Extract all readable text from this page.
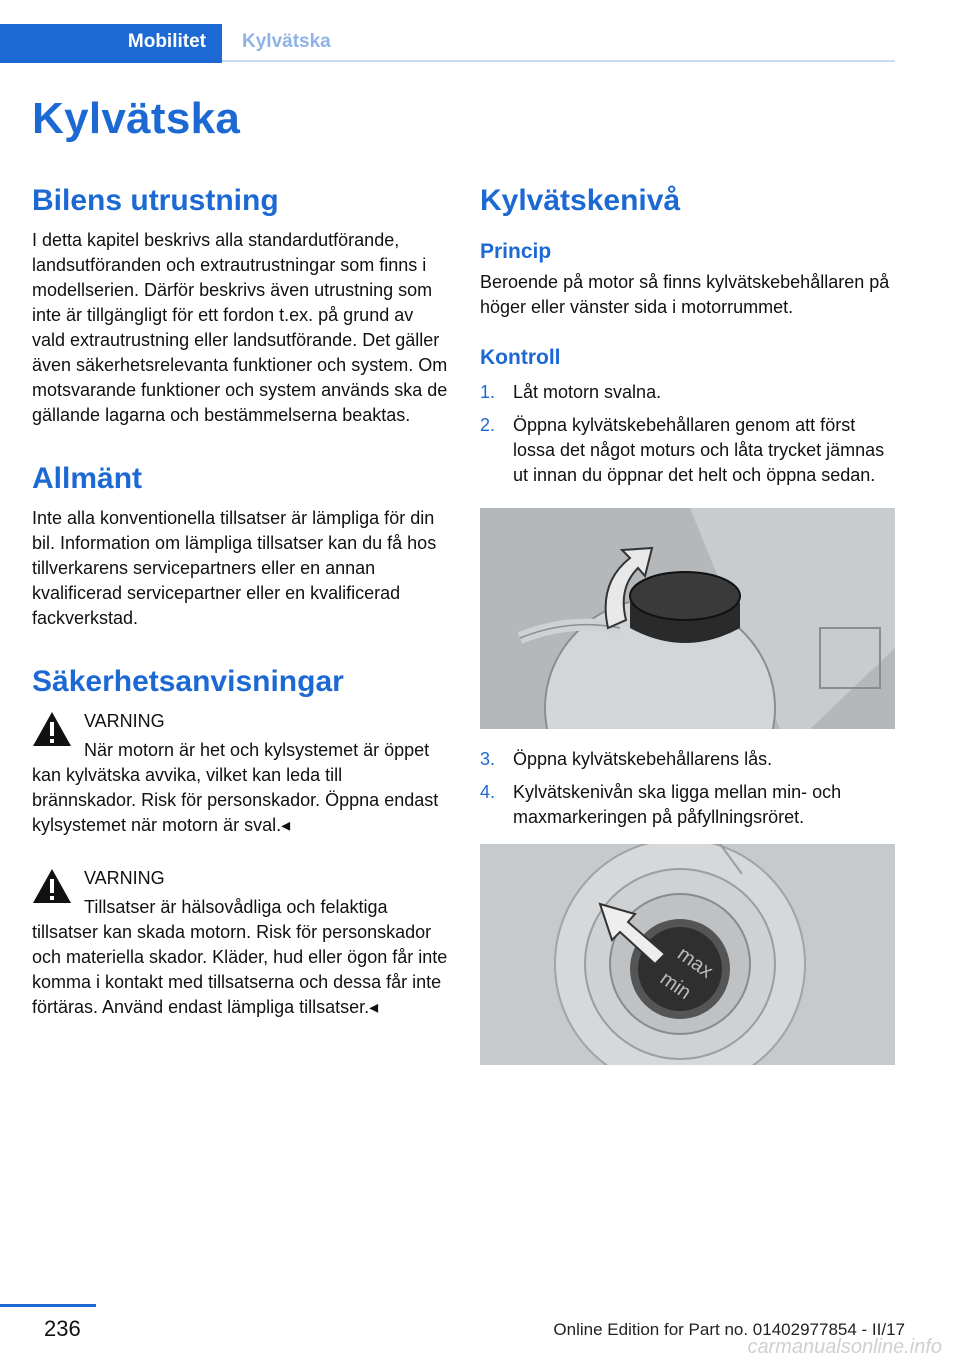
Mobilitet Kylvätska
Kylvätska
Bilens utrustning

I detta kapitel beskrivs alla standardutförande, landsutföranden och extrautrustningar som finns i modellserien. Därför beskrivs även utrustning som inte är tillgängligt för ett fordon t.ex. på grund av vald extrautrustning eller landsutförande. Det gäller även säkerhetsrelevanta funktioner och system. Om motsvarande funktioner och system används ska de gällande lagarna och bestämmelserna beaktas.

Allmänt

Inte alla konventionella tillsatser är lämpliga för din bil. Information om lämpliga tillsatser kan du få hos tillverkarens servicepartners eller en annan kvalificerad servicepartner eller en kvalificerad fackverkstad.

Säkerhetsanvisningar
VARNING
När motorn är het och kylsystemet är öppet kan kylvätska avvika, vilket kan leda till brännskador. Risk för personskador. Öppna endast kylsystemet när motorn är sval.◂
VARNING
Tillsatser är hälsovådliga och felaktiga tillsatser kan skada motorn. Risk för personskador och materiella skador. Kläder, hud eller ögon får inte komma i kontakt med tillsatserna och dessa får inte förtäras. Använd endast lämpliga tillsatser.◂
Kylvätskenivå
Princip

Beroende på motor så finns kylvätskebehållaren på höger eller vänster sida i motorrummet.

Kontroll
1. Låt motorn svalna.
2. Öppna kylvätskebehållaren genom att först lossa det något moturs och låta trycket jämnas ut innan du öppnar det helt och öppna sedan.
3. Öppna kylvätskebehållarens lås.
4. Kylvätskenivån ska ligga mellan min- och maxmarkeringen på påfyllningsröret.
max
min
236	Online Edition for Part no. 01402977854 - II/17
carmanualsonline.info
